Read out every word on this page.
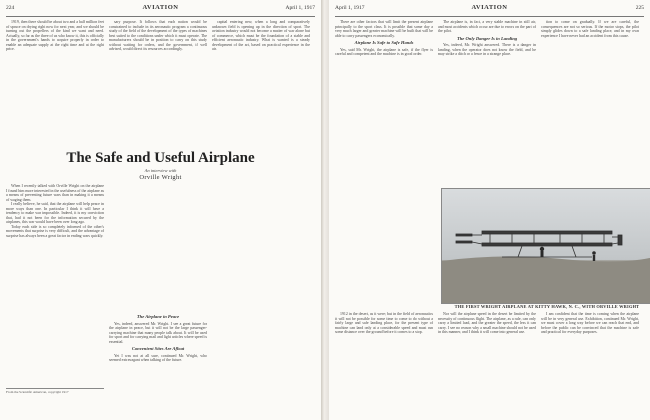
224	AVIATION	April 1, 1917

1919, then there should be about two and a half million feet of spruce on drying right now for next year, and we should be turning out the propellers of the kind we want and need. Actually, so far as the three of us who know it, this is officially in the government's hands to acquire properly in order to enable an adequate supply at the right time and at the right price.

sary purpose. It follows that each nation would be constrained to include in its aeronautic program a continuous study of the field of the development of the types of machines best suited to the conditions under which it must operate. The manufacturers should be in position to carry on this study without waiting for orders, and the government, if well advised, would direct its resources accordingly.

capital entering new, when a long and comparatively unknown field is opening up in the direction of sport. The aviation industry would not become a matter of war alone but of commerce, which must be the foundation of a stable and efficient aeronautic industry. What is wanted is a steady development of the art, based on practical experience in the air.

The Safe and Useful Airplane
An interview with
Orville Wright

When I recently talked with Orville Wright on the airplane I found him more interested in the usefulness of the airplane as a means of preventing future wars than in making it a means of waging them.

I really believe, he said, that the airplane will help peace in more ways than one. In particular I think it will have a tendency to make war impossible. Indeed, it is my conviction that, had it not been for the information secured by the airplanes, this war would have been over long ago.

Today each side is so completely informed of the other's movements that surprise is very difficult, and the advantage of surprise has always been a great factor in ending wars quickly.

The Airplane in Peace

Yes, indeed, answered Mr. Wright. I see a great future for the airplane in peace, but it will not be the large passenger-carrying machine that many people talk about. It will be used for sport and for carrying mail and light articles where speed is essential.

Convenient Sites Are Afloat

Yet I was not at all sure, continued Mr. Wright, who seemed extravagant when talking of the future.

From the Scientific American, copyright 1917
April 1, 1917	AVIATION	225

There are other factors that will limit the present airplane principally to the sport class. It is possible that some day a very much larger and greater machine will be built that will be able to carry passengers economically.

Airplane Is Safe to Safe Hands

Yes, said Mr. Wright, the airplane is safe, if the flyer is careful and competent and the machine is in good order.

The airplane is, in fact, a very stable machine in still air, and most accidents which occur are due to errors on the part of the pilot.

The Only Danger Is in Landing

Yes, indeed, Mr. Wright answered. There is a danger in landing, when the operator does not know the field, and he may strike a ditch or a fence in a strange place.

tion to come on gradually. If we are careful, the consequences are not so serious. If the motor stops, the pilot simply glides down to a safe landing place, and in my own experience I have never had an accident from this cause.

1912 in the desert, as it were; but in the field of aeronautics it will not be possible for some time to come to do without a fairly large and safe landing place, for the present type of machine can land only at a considerable speed and must run some distance over the ground before it comes to a stop.

Nor will the airplane speed in the desert be limited by the necessity of continuous flight. The airplane, as a rule, can only carry a limited load, and the greater the speed, the less it can carry. I see no reason why a small machine should not be used in this manner, and I think it will come into general use.

I am confident that the time is coming when the airplane will be in very general use. Exhibition, continued Mr. Wright, we must cover a long way before we can reach that end, and before the public can be convinced that the machine is safe and practical for everyday purposes.

THE FIRST WRIGHT AIRPLANE AT KITTY HAWK, N. C., WITH ORVILLE WRIGHT
